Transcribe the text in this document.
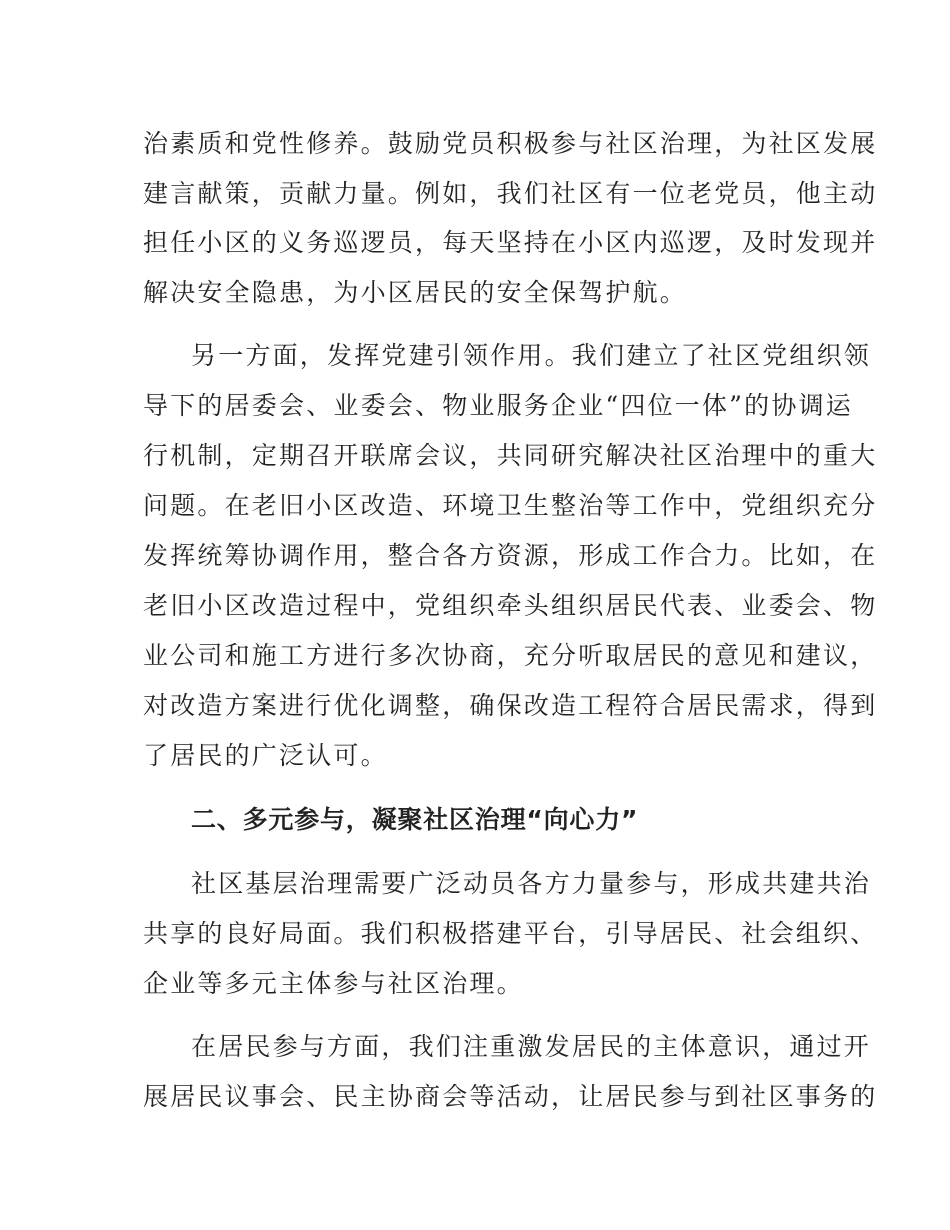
治素质和党性修养。鼓励党员积极参与社区治理，为社区发展
建言献策，贡献力量。例如，我们社区有一位老党员，他主动
担任小区的义务巡逻员，每天坚持在小区内巡逻，及时发现并
解决安全隐患，为小区居民的安全保驾护航。
另一方面，发挥党建引领作用。我们建立了社区党组织领
导下的居委会、业委会、物业服务企业“四位一体”的协调运
行机制，定期召开联席会议，共同研究解决社区治理中的重大
问题。在老旧小区改造、环境卫生整治等工作中，党组织充分
发挥统筹协调作用，整合各方资源，形成工作合力。比如，在
老旧小区改造过程中，党组织牵头组织居民代表、业委会、物
业公司和施工方进行多次协商，充分听取居民的意见和建议，
对改造方案进行优化调整，确保改造工程符合居民需求，得到
了居民的广泛认可。
二、多元参与，凝聚社区治理“向心力”
社区基层治理需要广泛动员各方力量参与，形成共建共治
共享的良好局面。我们积极搭建平台，引导居民、社会组织、
企业等多元主体参与社区治理。
在居民参与方面，我们注重激发居民的主体意识，通过开
展居民议事会、民主协商会等活动，让居民参与到社区事务的
